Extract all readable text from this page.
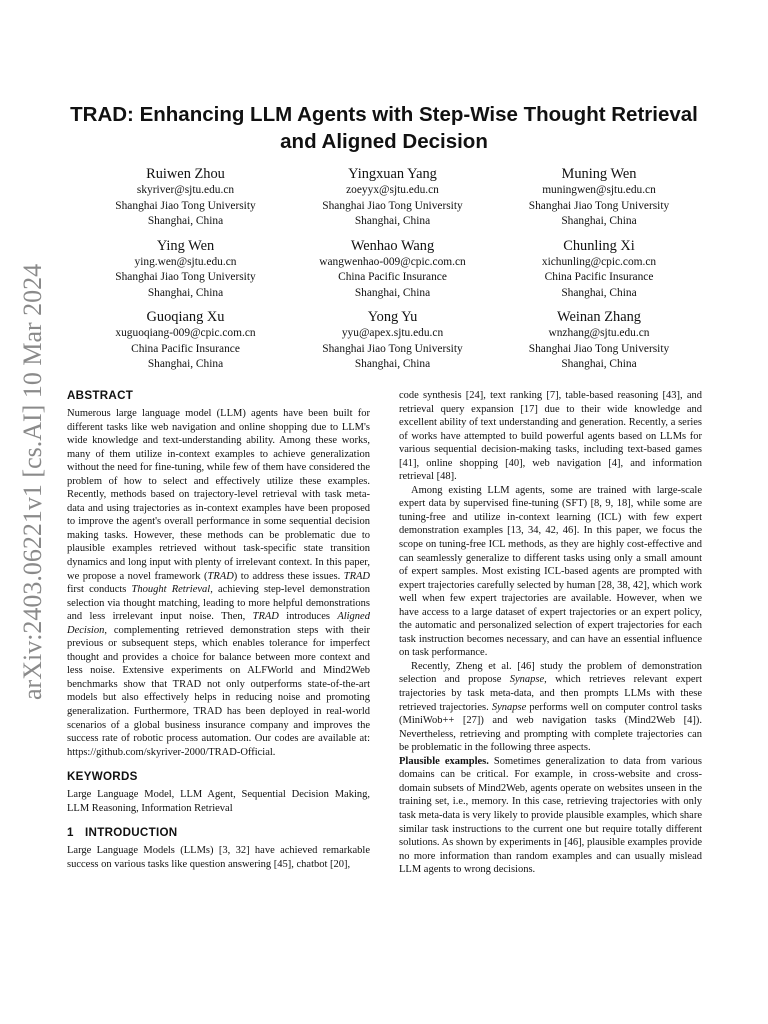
arXiv:2403.06221v1 [cs.AI] 10 Mar 2024
TRAD: Enhancing LLM Agents with Step-Wise Thought Retrieval and Aligned Decision
Ruiwen Zhou
skyriver@sjtu.edu.cn
Shanghai Jiao Tong University
Shanghai, China
Yingxuan Yang
zoeyyx@sjtu.edu.cn
Shanghai Jiao Tong University
Shanghai, China
Muning Wen
muningwen@sjtu.edu.cn
Shanghai Jiao Tong University
Shanghai, China
Ying Wen
ying.wen@sjtu.edu.cn
Shanghai Jiao Tong University
Shanghai, China
Wenhao Wang
wangwenhao-009@cpic.com.cn
China Pacific Insurance
Shanghai, China
Chunling Xi
xichunling@cpic.com.cn
China Pacific Insurance
Shanghai, China
Guoqiang Xu
xuguoqiang-009@cpic.com.cn
China Pacific Insurance
Shanghai, China
Yong Yu
yyu@apex.sjtu.edu.cn
Shanghai Jiao Tong University
Shanghai, China
Weinan Zhang
wnzhang@sjtu.edu.cn
Shanghai Jiao Tong University
Shanghai, China
ABSTRACT

Numerous large language model (LLM) agents have been built for different tasks like web navigation and online shopping due to LLM's wide knowledge and text-understanding ability. Among these works, many of them utilize in-context examples to achieve generalization without the need for fine-tuning, while few of them have considered the problem of how to select and effectively utilize these examples. Recently, methods based on trajectory-level retrieval with task meta-data and using trajectories as in-context examples have been proposed to improve the agent's overall performance in some sequential decision making tasks. However, these methods can be problematic due to plausible examples retrieved without task-specific state transition dynamics and long input with plenty of irrelevant context. In this paper, we propose a novel framework (TRAD) to address these issues. TRAD first conducts Thought Retrieval, achieving step-level demonstration selection via thought matching, leading to more helpful demonstrations and less irrelevant input noise. Then, TRAD introduces Aligned Decision, complementing retrieved demonstration steps with their previous or subsequent steps, which enables tolerance for imperfect thought and provides a choice for balance between more context and less noise. Extensive experiments on ALFWorld and Mind2Web benchmarks show that TRAD not only outperforms state-of-the-art models but also effectively helps in reducing noise and promoting generalization. Furthermore, TRAD has been deployed in real-world scenarios of a global business insurance company and improves the success rate of robotic process automation. Our codes are available at: https://github.com/skyriver-2000/TRAD-Official.

KEYWORDS

Large Language Model, LLM Agent, Sequential Decision Making, LLM Reasoning, Information Retrieval

1 INTRODUCTION

Large Language Models (LLMs) [3, 32] have achieved remarkable success on various tasks like question answering [45], chatbot [20],

code synthesis [24], text ranking [7], table-based reasoning [43], and retrieval query expansion [17] due to their wide knowledge and excellent ability of text understanding and generation. Recently, a series of works have attempted to build powerful agents based on LLMs for various sequential decision-making tasks, including text-based games [41], online shopping [40], web navigation [4], and information retrieval [48].

Among existing LLM agents, some are trained with large-scale expert data by supervised fine-tuning (SFT) [8, 9, 18], while some are tuning-free and utilize in-context learning (ICL) with few expert demonstration examples [13, 34, 42, 46]. In this paper, we focus the scope on tuning-free ICL methods, as they are highly cost-effective and can seamlessly generalize to different tasks using only a small amount of expert samples. Most existing ICL-based agents are prompted with expert trajectories carefully selected by human [28, 38, 42], which work well when few expert trajectories are available. However, when we have access to a large dataset of expert trajectories or an expert policy, the automatic and personalized selection of expert trajectories for each task instruction becomes necessary, and can have an essential influence on task performance.

Recently, Zheng et al. [46] study the problem of demonstration selection and propose Synapse, which retrieves relevant expert trajectories by task meta-data, and then prompts LLMs with these retrieved trajectories. Synapse performs well on computer control tasks (MiniWob++ [27]) and web navigation tasks (Mind2Web [4]). Nevertheless, retrieving and prompting with complete trajectories can be problematic in the following three aspects.

Plausible examples. Sometimes generalization to data from various domains can be critical. For example, in cross-website and cross-domain subsets of Mind2Web, agents operate on websites unseen in the training set, i.e., memory. In this case, retrieving trajectories with only task meta-data is very likely to provide plausible examples, which share similar task instructions to the current one but require totally different solutions. As shown by experiments in [46], plausible examples provide no more information than random examples and can usually mislead LLM agents to wrong decisions.
